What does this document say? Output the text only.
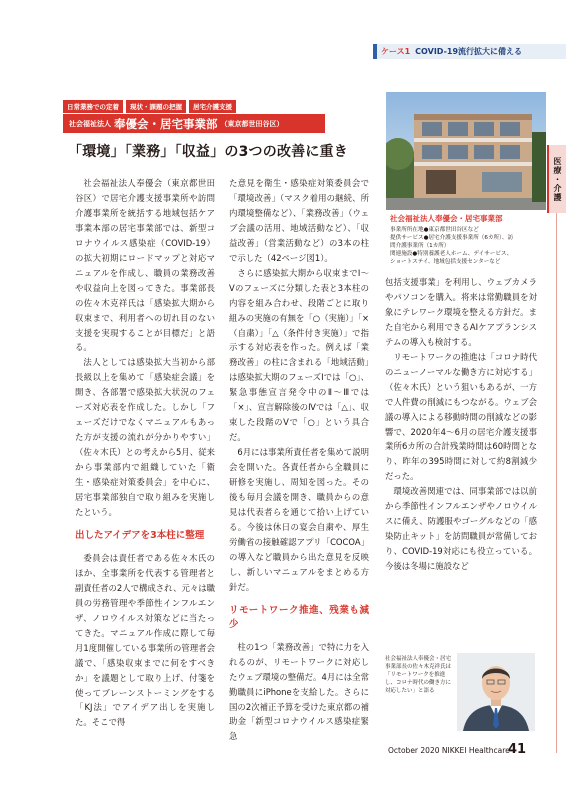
ケース1 COVID-19流行拡大に備える
医療・介護
日常業務での定着	現状・課題の把握	居宅介護支援
社会福祉法人 奉優会・居宅事業部 （東京都世田谷区）
「環境」「業務」「収益」の3つの改善に重き
社会福祉法人奉優会・居宅事業部
事業所所在地●東京都世田谷区など
提供サービス●居宅介護支援事業所（6カ所）、訪
問介護事業所（1カ所）
関連施設●特別養護老人ホーム、デイサービス、
ショートステイ、地域包括支援センターなど

社会福祉法人奉優会（東京都世田谷区）で居宅介護支援事業所や訪問介護事業所を統括する地域包括ケア事業本部の居宅事業部では、新型コロナウイルス感染症（COVID-19）の拡大初期にロードマップと対応マニュアルを作成し、職員の業務改善や収益向上を図ってきた。事業部長の佐々木克祥氏は「感染拡大期から収束まで、利用者への切れ目のない支援を実現することが目標だ」と語る。

法人としては感染拡大当初から部長級以上を集めて「感染症会議」を開き、各部署で感染拡大状況のフェーズ対応表を作成した。しかし「フェーズだけでなくマニュアルもあった方が支援の流れが分かりやすい」（佐々木氏）との考えから5月、従来から事業部内で組織していた「衛生・感染症対策委員会」を中心に、居宅事業部独自で取り組みを実施したという。

出したアイデアを3本柱に整理

委員会は責任者である佐々木氏のほか、全事業所を代表する管理者と副責任者の2人で構成され、元々は職員の労務管理や季節性インフルエンザ、ノロウイルス対策などに当たってきた。マニュアル作成に際して毎月1度開催している事業所の管理者会議で、「感染収束までに何をすべきか」を議題として取り上げ、付箋を使ってブレーンストーミングをする「KJ法」でアイデア出しを実施した。そこで得

た意見を衛生・感染症対策委員会で「環境改善」（マスク着用の継続、所内環境整備など）、「業務改善」（ウェブ会議の活用、地域活動など）、「収益改善」（営業活動など）の3本の柱で示した（42ページ図1）。

さらに感染拡大期から収束までⅠ～Ⅴのフェーズに分類した表と3本柱の内容を組み合わせ、段階ごとに取り組みの実施の有無を「○（実施）」「×（自粛）」「△（条件付き実施）」で指示する対応表を作った。例えば「業務改善」の柱に含まれる「地域活動」は感染拡大期のフェーズⅠでは「○」、緊急事態宣言発令中のⅡ～Ⅲでは「×」、宣言解除後のⅣでは「△」、収束した段階のⅤで「○」という具合だ。

6月には事業所責任者を集めて説明会を開いた。各責任者から全職員に研修を実施し、周知を図った。その後も毎月会議を開き、職員からの意見は代表者らを通じて拾い上げている。今後は休日の宴会自粛や、厚生労働省の接触確認アプリ「COCOA」の導入など職員から出た意見を反映し、新しいマニュアルをまとめる方針だ。

リモートワーク推進、残業も減少

柱の1つ「業務改善」で特に力を入れるのが、リモートワークに対応したウェブ環境の整備だ。4月には全常勤職員にiPhoneを支給した。さらに国の2次補正予算を受けた東京都の補助金「新型コロナウイルス感染症緊急

包括支援事業」を利用し、ウェブカメラやパソコンを購入。将来は常勤職員を対象にテレワーク環境を整える方針だ。また自宅から利用できるAIケアプランシステムの導入も検討する。

リモートワークの推進は「コロナ時代のニューノーマルな働き方に対応する」（佐々木氏）という狙いもあるが、一方で人件費の削減にもつながる。ウェブ会議の導入による移動時間の削減などの影響で、2020年4～6月の居宅介護支援事業所6カ所の合計残業時間は60時間となり、昨年の395時間に対して約8割減少だった。

環境改善関連では、同事業部では以前から季節性インフルエンザやノロウイルスに備え、防護服やゴーグルなどの「感染防止キット」を訪問職員が常備しており、COVID-19対応にも役立っている。今後は冬場に施設など

社会福祉法人奉優会・居宅事業部長の佐々木克祥氏は「リモートワークを推進し、コロナ時代の働き方に対応したい」と語る
October 2020 NIKKEI Healthcare
41
